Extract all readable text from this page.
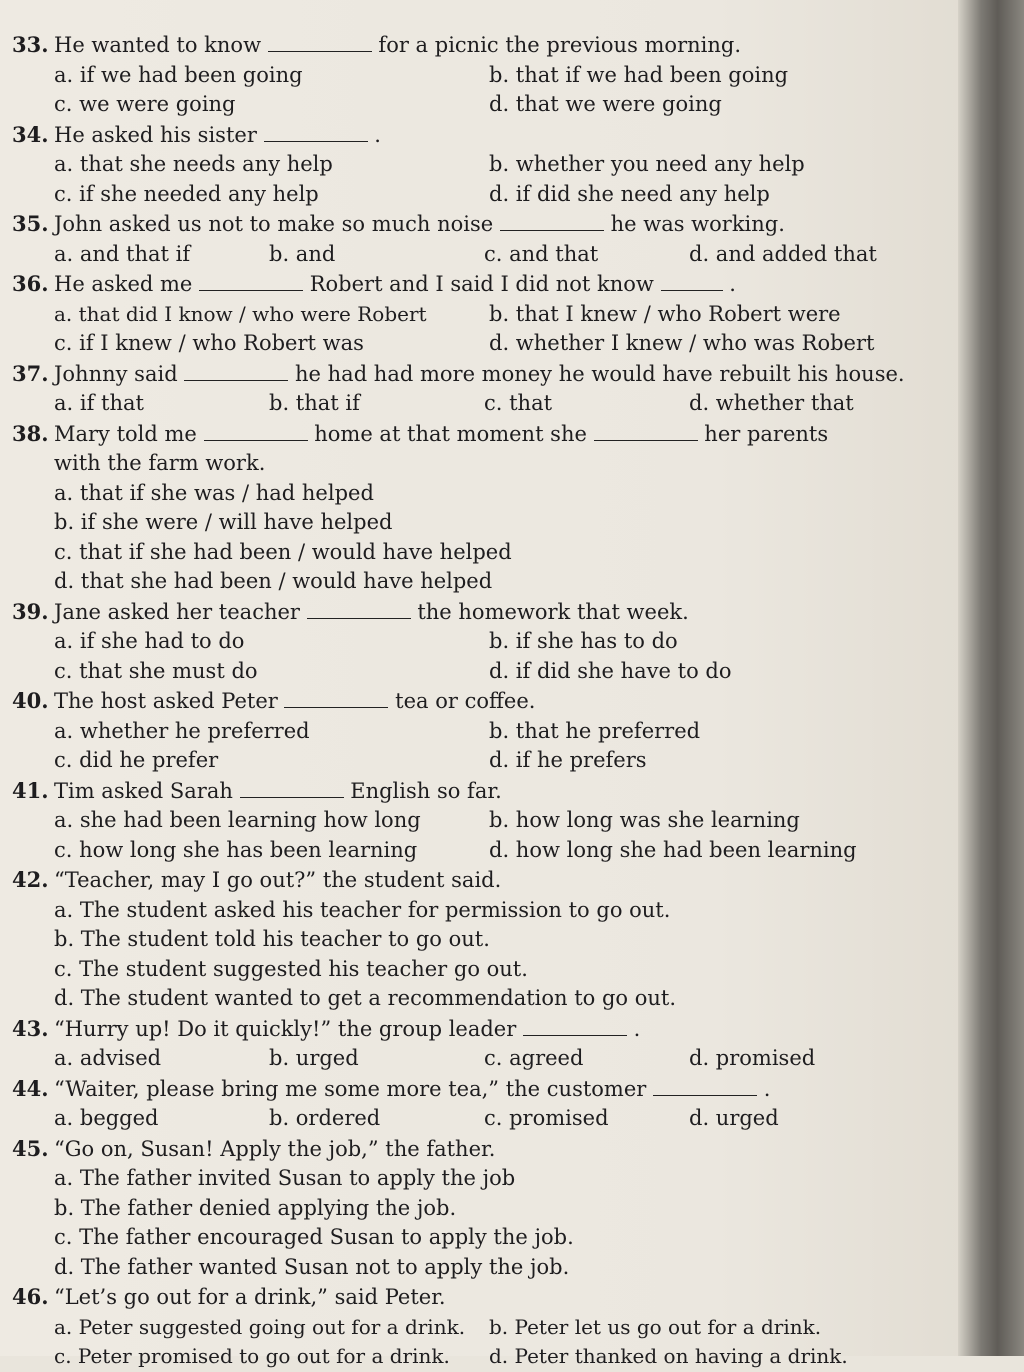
33. He wanted to know	for a picnic the previous morning.
a. if we had been going	b. that if we had been going
c. we were going	d. that we were going
34. He asked his sister	.
a. that she needs any help	b. whether you need any help
c. if she needed any help	d. if did she need any help
35. John asked us not to make so much noise	he was working.
a. and that if	b. and	c. and that	d. and added that
36. He asked me	Robert and I said I did not know	.
a. that did I know / who were Robert	b. that I knew / who Robert were
c. if I knew / who Robert was	d. whether I knew / who was Robert
37. Johnny said	he had had more money he would have rebuilt his house.
a. if that	b. that if	c. that	d. whether that
38. Mary told me	home at that moment she	her parents
with the farm work.
a. that if she was / had helped
b. if she were / will have helped
c. that if she had been / would have helped
d. that she had been / would have helped
39. Jane asked her teacher	the homework that week.
a. if she had to do	b. if she has to do
c. that she must do	d. if did she have to do
40. The host asked Peter	tea or coffee.
a. whether he preferred	b. that he preferred
c. did he prefer	d. if he prefers
41. Tim asked Sarah	English so far.
a. she had been learning how long	b. how long was she learning
c. how long she has been learning	d. how long she had been learning
42. “Teacher, may I go out?” the student said.
a. The student asked his teacher for permission to go out.
b. The student told his teacher to go out.
c. The student suggested his teacher go out.
d. The student wanted to get a recommendation to go out.
43. “Hurry up! Do it quickly!” the group leader	.
a. advised	b. urged	c. agreed	d. promised
44. “Waiter, please bring me some more tea,” the customer	.
a. begged	b. ordered	c. promised	d. urged
45. “Go on, Susan! Apply the job,” the father.
a. The father invited Susan to apply the job
b. The father denied applying the job.
c. The father encouraged Susan to apply the job.
d. The father wanted Susan not to apply the job.
46. “Let’s go out for a drink,” said Peter.
a. Peter suggested going out for a drink.	b. Peter let us go out for a drink.
c. Peter promised to go out for a drink.	d. Peter thanked on having a drink.
